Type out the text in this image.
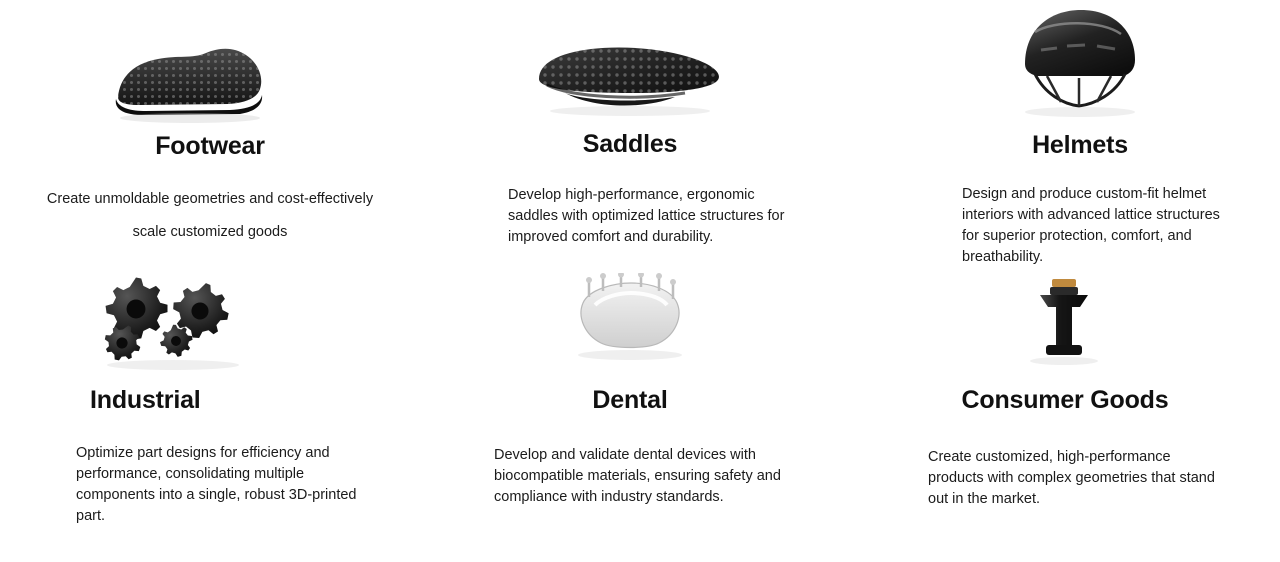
Footwear
Create unmoldable geometries and cost-effectively scale customized goods
Saddles
Develop high-performance, ergonomic saddles with optimized lattice structures for improved comfort and durability.
Helmets
Design and produce custom-fit helmet interiors with advanced lattice structures for superior protection, comfort, and breathability.
Industrial
Optimize part designs for efficiency and performance, consolidating multiple components into a single, robust 3D-printed part.
Dental
Develop and validate dental devices with biocompatible materials, ensuring safety and compliance with industry standards.
Consumer Goods
Create customized, high-performance products with complex geometries that stand out in the market.
